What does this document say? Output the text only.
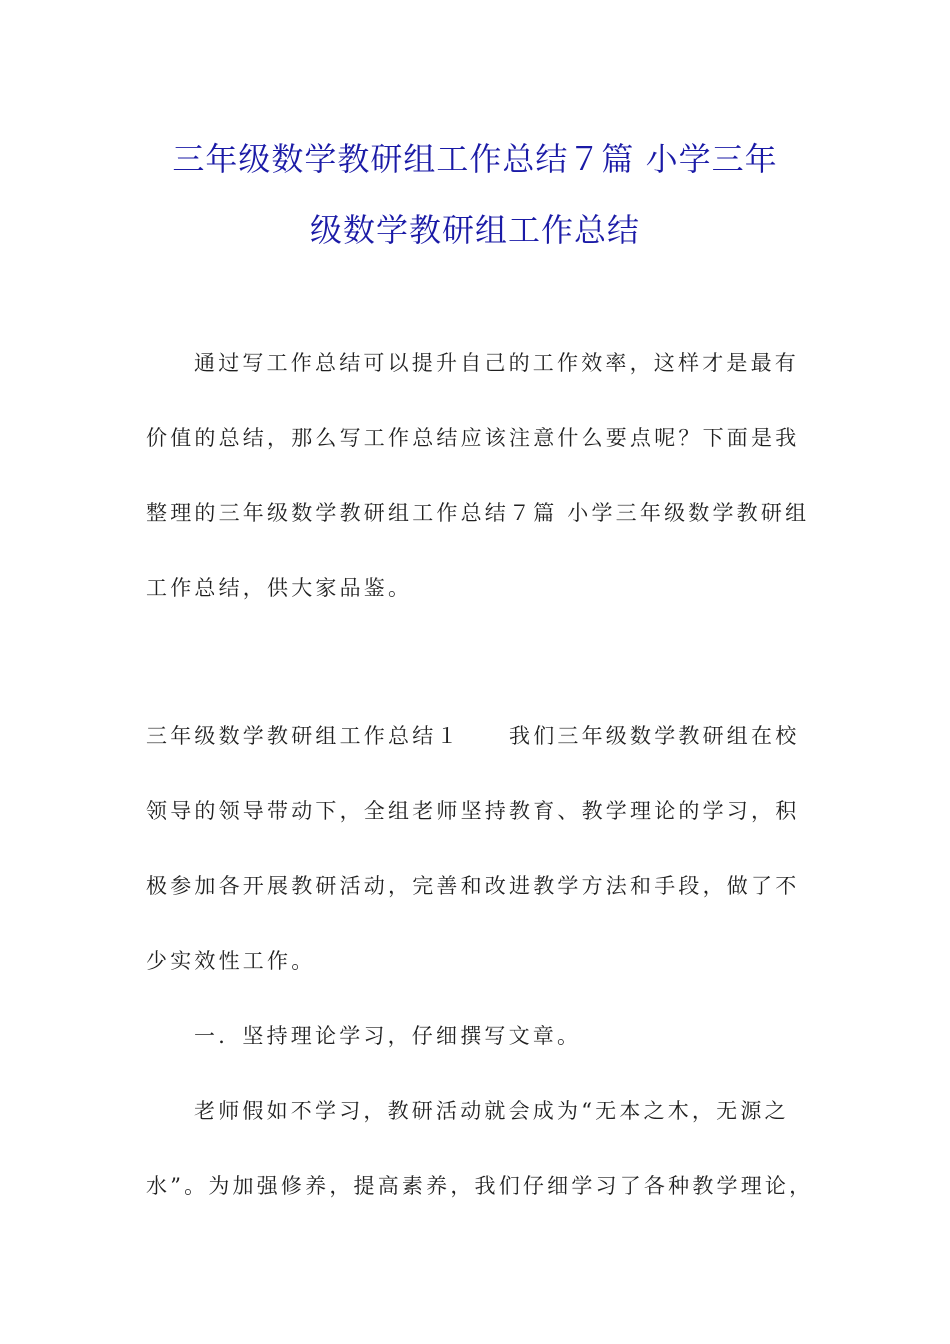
三年级数学教研组工作总结７篇 小学三年
级数学教研组工作总结
通过写工作总结可以提升自己的工作效率，这样才是最有
价值的总结，那么写工作总结应该注意什么要点呢？下面是我
整理的三年级数学教研组工作总结７篇 小学三年级数学教研组
工作总结，供大家品鉴。
三年级数学教研组工作总结１　　我们三年级数学教研组在校
领导的领导带动下，全组老师坚持教育、教学理论的学习，积
极参加各开展教研活动，完善和改进教学方法和手段，做了不
少实效性工作。
一．坚持理论学习，仔细撰写文章。
老师假如不学习，教研活动就会成为“无本之木，无源之
水”。为加强修养，提高素养，我们仔细学习了各种教学理论，
